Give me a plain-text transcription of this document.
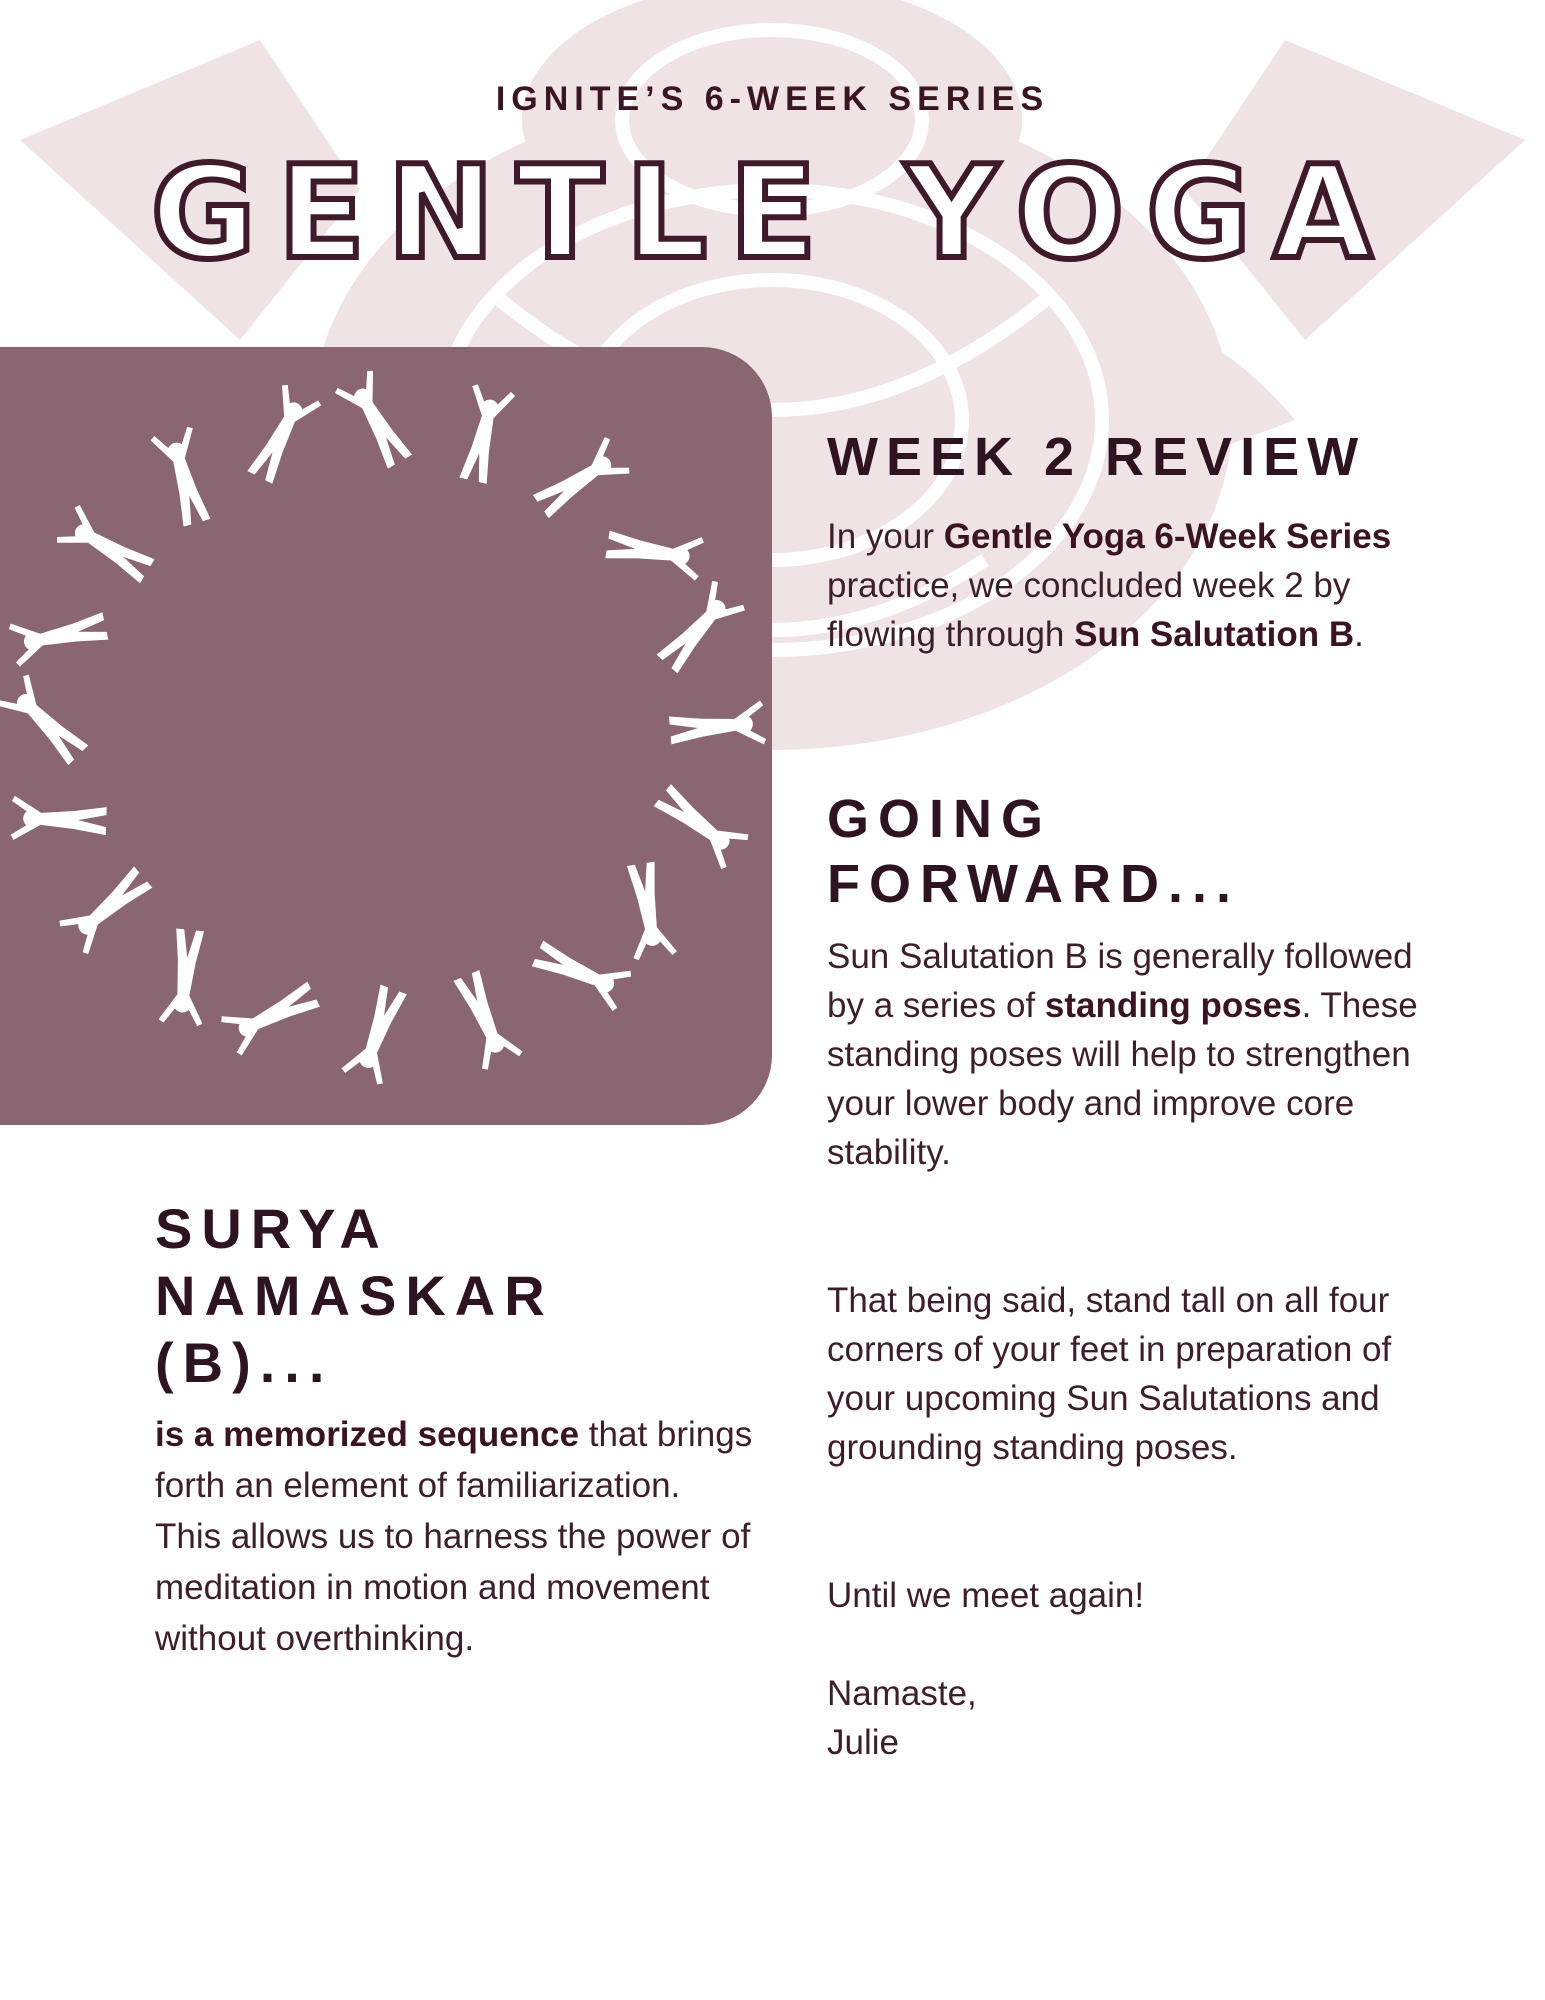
IGNITE’S 6-WEEK SERIES
GENTLE YOGA
WEEK 2 REVIEW
In your Gentle Yoga 6-Week Series practice, we concluded week 2 by flowing through Sun Salutation B.
GOING FORWARD...
Sun Salutation B is generally followed by a series of standing poses. These standing poses will help to strengthen your lower body and improve core stability.
That being said, stand tall on all four corners of your feet in preparation of your upcoming Sun Salutations and grounding standing poses.
Until we meet again!
Namaste,
Julie
SURYA NAMASKAR (B)...
is a memorized sequence that brings forth an element of familiarization. This allows us to harness the power of meditation in motion and movement without overthinking.
